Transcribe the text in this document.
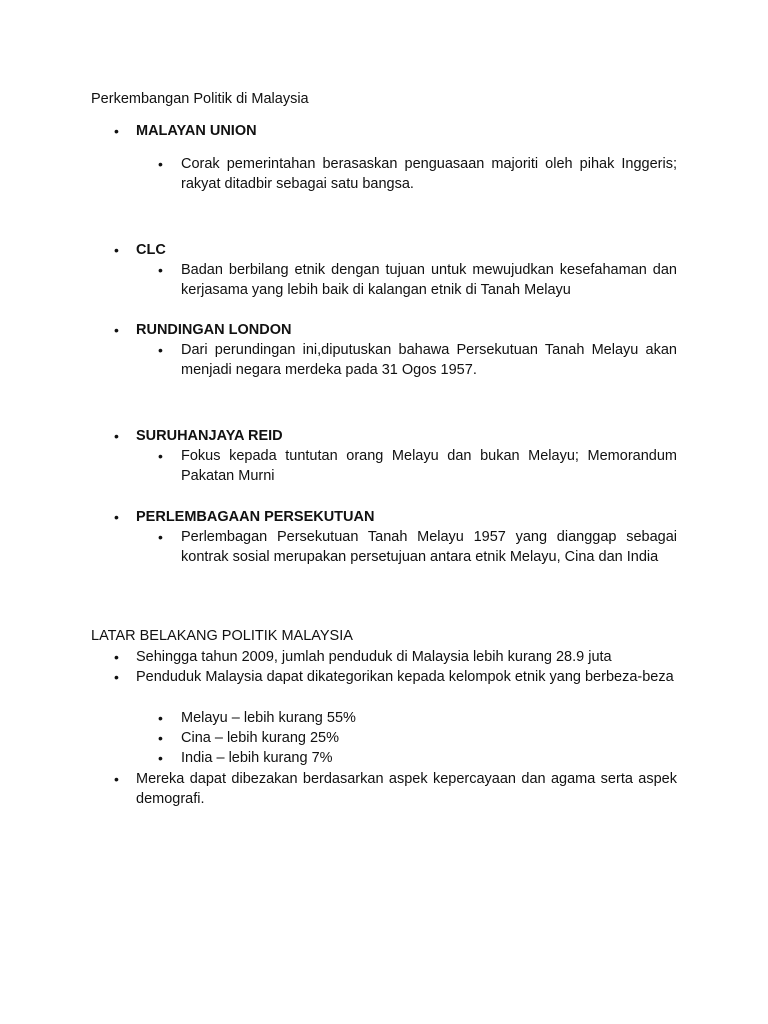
Perkembangan Politik di Malaysia
• MALAYAN UNION
• Corak pemerintahan berasaskan penguasaan majoriti oleh pihak Inggeris; rakyat ditadbir sebagai satu bangsa.
• CLC
• Badan berbilang etnik dengan tujuan untuk mewujudkan kesefahaman dan kerjasama yang lebih baik di kalangan etnik di Tanah Melayu
• RUNDINGAN LONDON
• Dari perundingan ini,diputuskan bahawa Persekutuan Tanah Melayu akan menjadi negara merdeka pada 31 Ogos 1957.
• SURUHANJAYA REID
• Fokus kepada tuntutan orang Melayu dan bukan Melayu; Memorandum Pakatan Murni
• PERLEMBAGAAN PERSEKUTUAN
• Perlembagan Persekutuan Tanah Melayu 1957 yang dianggap sebagai kontrak sosial merupakan persetujuan antara etnik Melayu, Cina dan India
LATAR BELAKANG POLITIK MALAYSIA
• Sehingga tahun 2009, jumlah penduduk di Malaysia lebih kurang 28.9 juta
• Penduduk Malaysia dapat dikategorikan kepada kelompok etnik yang berbeza-beza
• Melayu – lebih kurang 55%
• Cina – lebih kurang 25%
• India – lebih kurang 7%
• Mereka dapat dibezakan berdasarkan aspek kepercayaan dan agama serta aspek demografi.
